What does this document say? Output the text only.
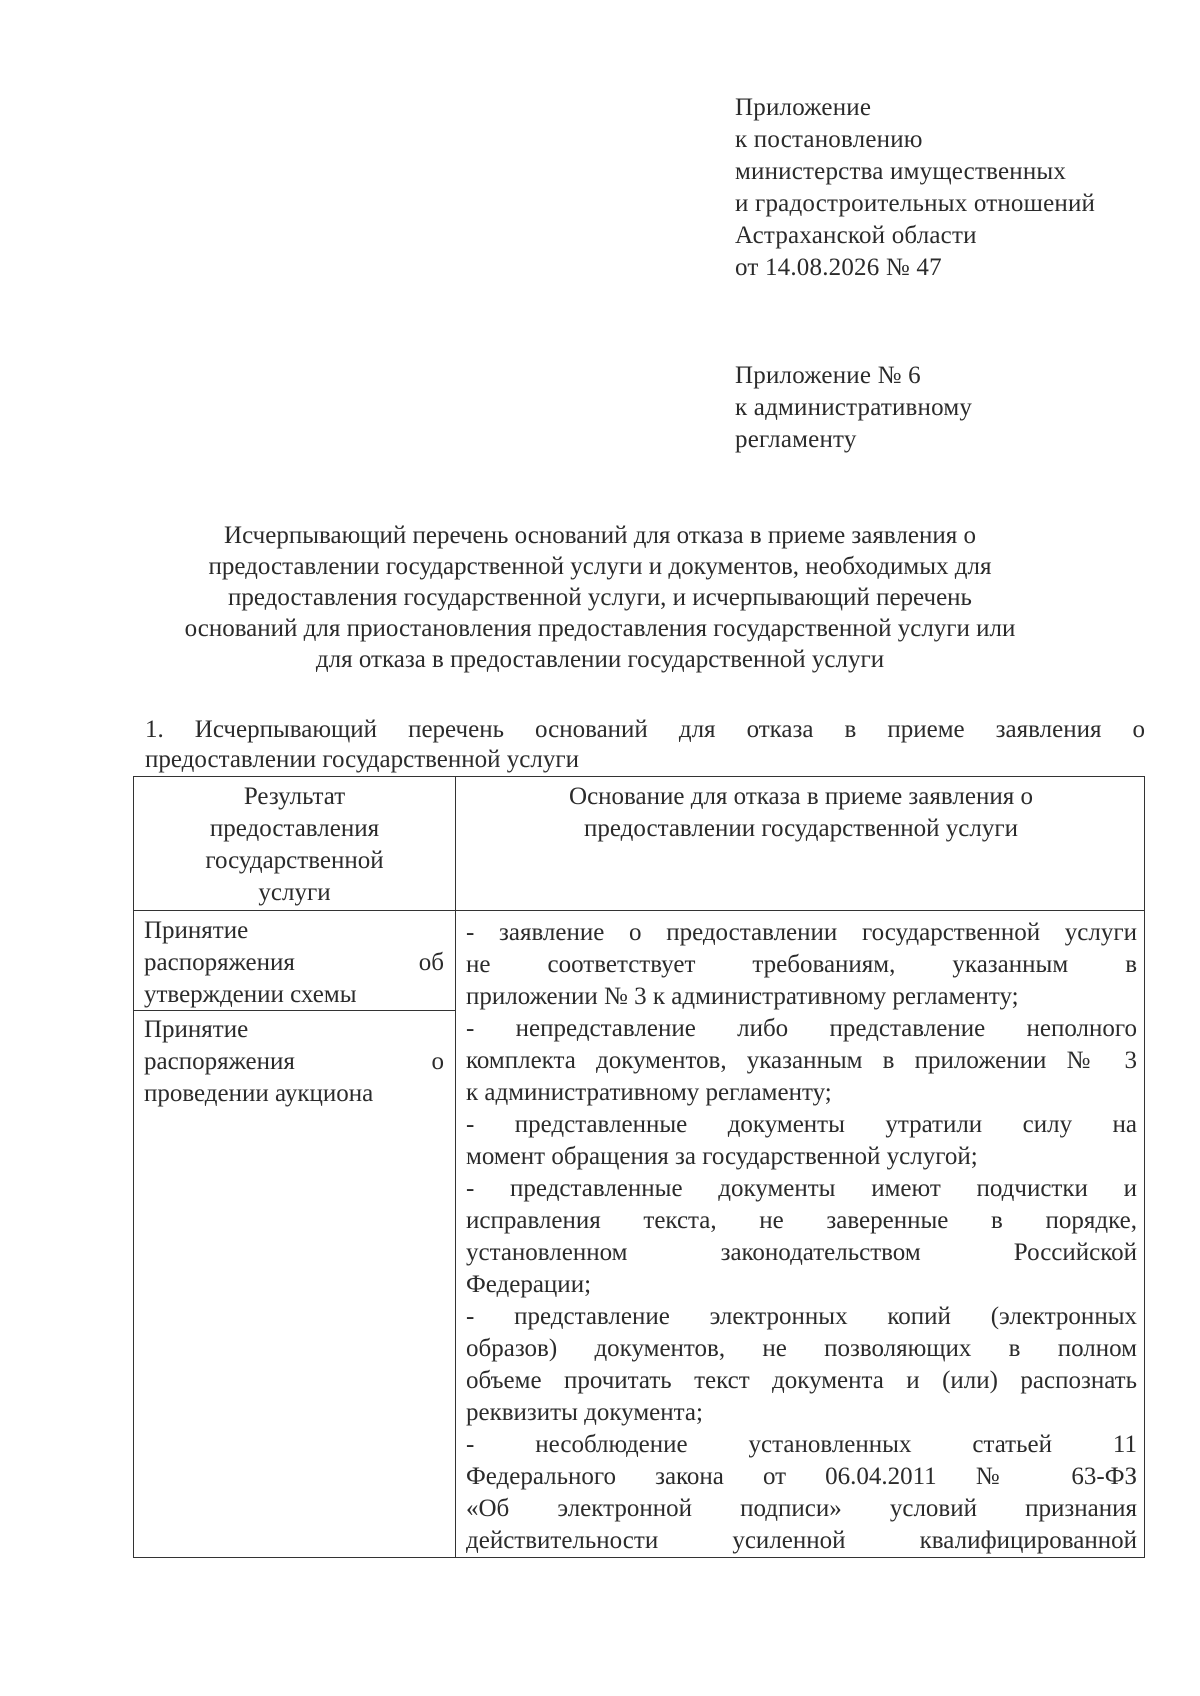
Приложение
к постановлению
министерства имущественных
и градостроительных отношений
Астраханской области
от 14.08.2026 № 47
Приложение № 6
к административному
регламенту
Исчерпывающий перечень оснований для отказа в приеме заявления о
предоставлении государственной услуги и документов, необходимых для
предоставления государственной услуги, и исчерпывающий перечень
оснований для приостановления предоставления государственной услуги или
для отказа в предоставлении государственной услуги
1. Исчерпывающий перечень оснований для отказа в приеме заявления о
предоставлении государственной услуги
Результат
предоставления
государственной
услуги
Основание для отказа в приеме заявления о
предоставлении государственной услуги
Принятие
распоряжения об
утверждении схемы
Принятие
распоряжения о
проведении аукциона
- заявление о предоставлении государственной услуги
не соответствует требованиям, указанным в
приложении № 3 к административному регламенту;
- непредставление либо представление неполного
комплекта документов, указанным в приложении № 3
к административному регламенту;
- представленные документы утратили силу на
момент обращения за государственной услугой;
- представленные документы имеют подчистки и
исправления текста, не заверенные в порядке,
установленном законодательством Российской
Федерации;
- представление электронных копий (электронных
образов) документов, не позволяющих в полном
объеме прочитать текст документа и (или) распознать
реквизиты документа;
- несоблюдение установленных статьей 11
Федерального закона от 06.04.2011 № 63-ФЗ
«Об электронной подписи» условий признания
действительности усиленной квалифицированной
